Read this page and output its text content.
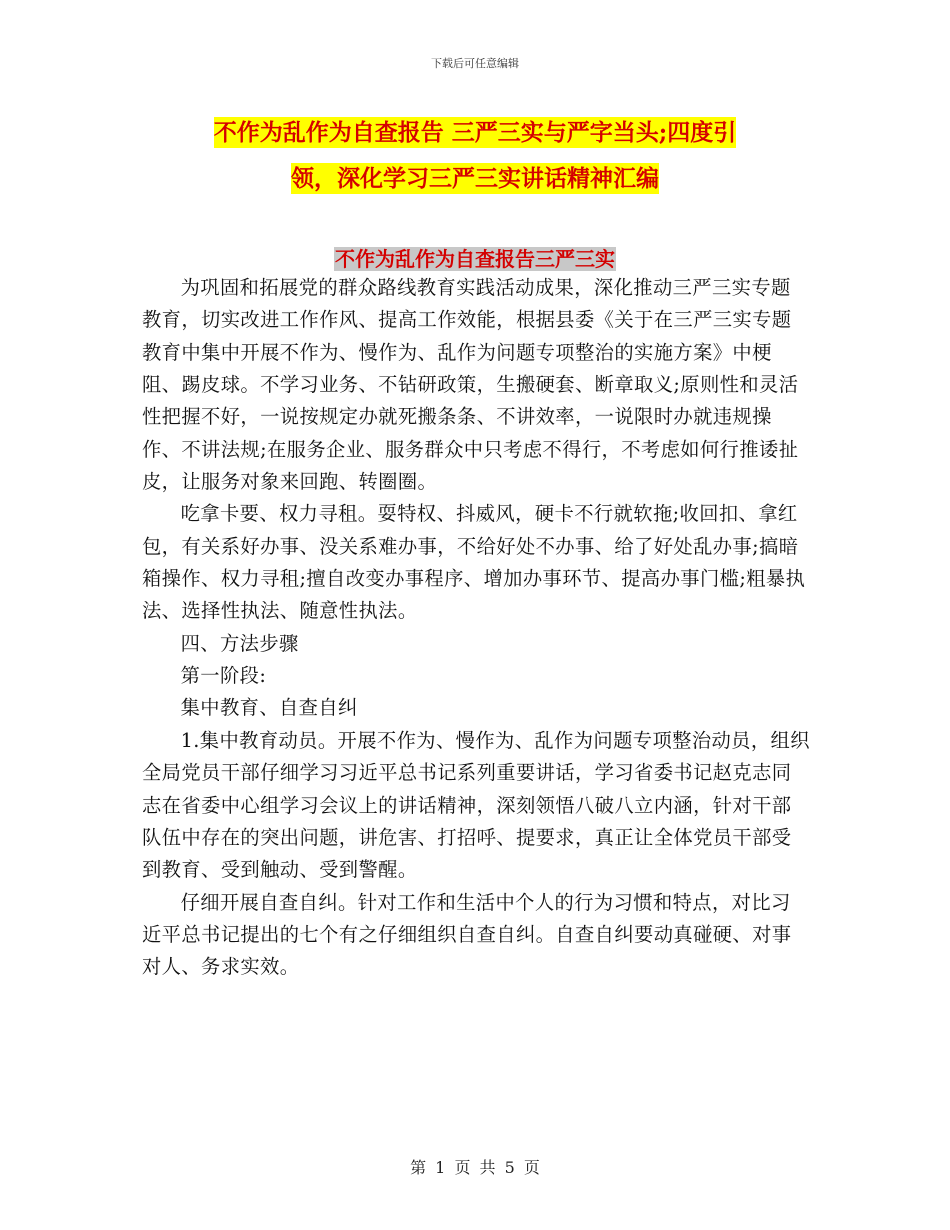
下载后可任意编辑
不作为乱作为自查报告 三严三实与严字当头;四度引
领，深化学习三严三实讲话精神汇编
不作为乱作为自查报告三严三实

为巩固和拓展党的群众路线教育实践活动成果，深化推动三严三实专题教育，切实改进工作作风、提高工作效能，根据县委《关于在三严三实专题教育中集中开展不作为、慢作为、乱作为问题专项整治的实施方案》中梗阻、踢皮球。不学习业务、不钻研政策，生搬硬套、断章取义;原则性和灵活性把握不好，一说按规定办就死搬条条、不讲效率，一说限时办就违规操作、不讲法规;在服务企业、服务群众中只考虑不得行，不考虑如何行推诿扯皮，让服务对象来回跑、转圈圈。

吃拿卡要、权力寻租。耍特权、抖威风，硬卡不行就软拖;收回扣、拿红包，有关系好办事、没关系难办事，不给好处不办事、给了好处乱办事;搞暗箱操作、权力寻租;擅自改变办事程序、增加办事环节、提高办事门槛;粗暴执法、选择性执法、随意性执法。

四、方法步骤

第一阶段:

集中教育、自查自纠

1.集中教育动员。开展不作为、慢作为、乱作为问题专项整治动员，组织全局党员干部仔细学习习近平总书记系列重要讲话，学习省委书记赵克志同志在省委中心组学习会议上的讲话精神，深刻领悟八破八立内涵，针对干部队伍中存在的突出问题，讲危害、打招呼、提要求，真正让全体党员干部受到教育、受到触动、受到警醒。

仔细开展自查自纠。针对工作和生活中个人的行为习惯和特点，对比习近平总书记提出的七个有之仔细组织自查自纠。自查自纠要动真碰硬、对事对人、务求实效。

第 1 页 共 5 页
